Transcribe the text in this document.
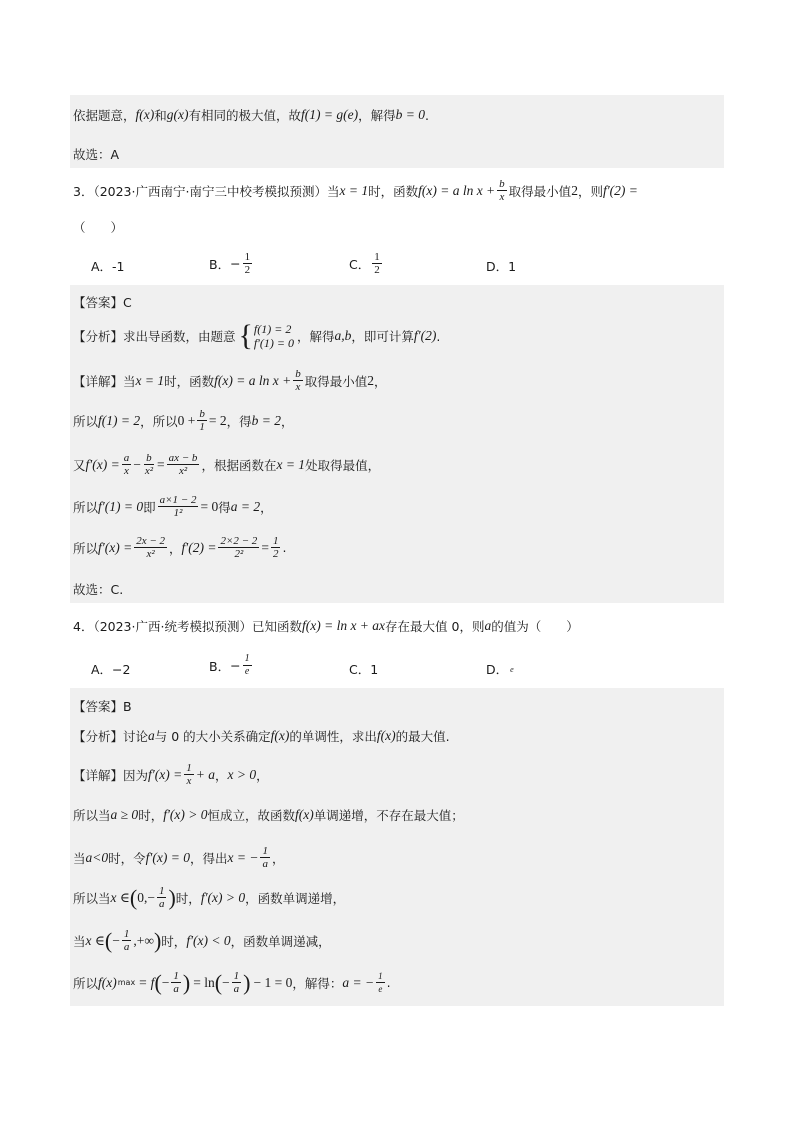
依据题意， f(x) 和 g(x) 有相同的极大值，故 f(1) = g(e) ，解得 b = 0 .
故选：A
3．（2023·广西南宁·南宁三中校考模拟预测）当 x = 1 时，函数 f(x) = a $\ln x + \frac{b}{x}$ 取得最小值 2 ，则 f′(2) =
（　　）
A．-1	B． − $\frac{1}{2}$	C． $\frac{1}{2}$	D．1
【答案】C
【分析】求出导函数，由题意 { f(1) = 2
f′(1) = 0 ，解得 a,b ，即可计算 f′(2) .
【详解】 当 x = 1 时，函数 f(x) = a $\ln x + \frac{b}{x}$ 取得最小值 2 ，
所以 f(1) = 2 ，所以 $0 + \frac{b}{1} = 2$ ，得 b = 2 ，
又 $f'(x) = \frac{a}{x} - \frac{b}{\text{x²}} = \frac{ax - b}{\text{x²}}$ ，根据函数在 x = 1 处取得最值，
所以 f′(1) = 0 即 $\frac{a\times 1 - 2}{\text{1²}} = 0$ 得 a = 2 ，
所以 $f'(x) = \frac{2x - 2}{\text{x²}}$ ， $f'(2) = \frac{2\times 2 - 2}{\text{2²}} = \frac{1}{2}$ .
故选：C.
4．（2023·广西·统考模拟预测）已知函数 f(x) = ln x + ax 存在最大值 0，则 a 的值为（　　）
A．−2	B． − $\frac{1}{e}$	C．1	D． e
【答案】B
【分析】讨论 a 与 0 的大小关系确定 f(x) 的单调性，求出 f(x) 的最大值.
【详解】 因为 $f'(x) = \frac{1}{x} + a$ ， x > 0 ，
所以当 a ≥ 0 时， f′(x) > 0 恒成立，故函数 f(x) 单调递增，不存在最大值；
当 a<0 时，令 f′(x) = 0 ，得出 x = − $\frac{1}{a}$ ，
所以当 x ∈ ( $0,- \frac{1}{a}$ ) 时， f′(x) > 0 ，函数单调递增，
当 x ∈ ( − $\frac{1}{a}$ ,+∞ ) 时， f′(x) < 0 ，函数单调递减，
所以 f(x) max = f ( − $\frac{1}{a}$ ) = ln ( − $\frac{1}{a}$ ) − 1 = 0 ，解得： a = − $\frac{1}{e}$ .
